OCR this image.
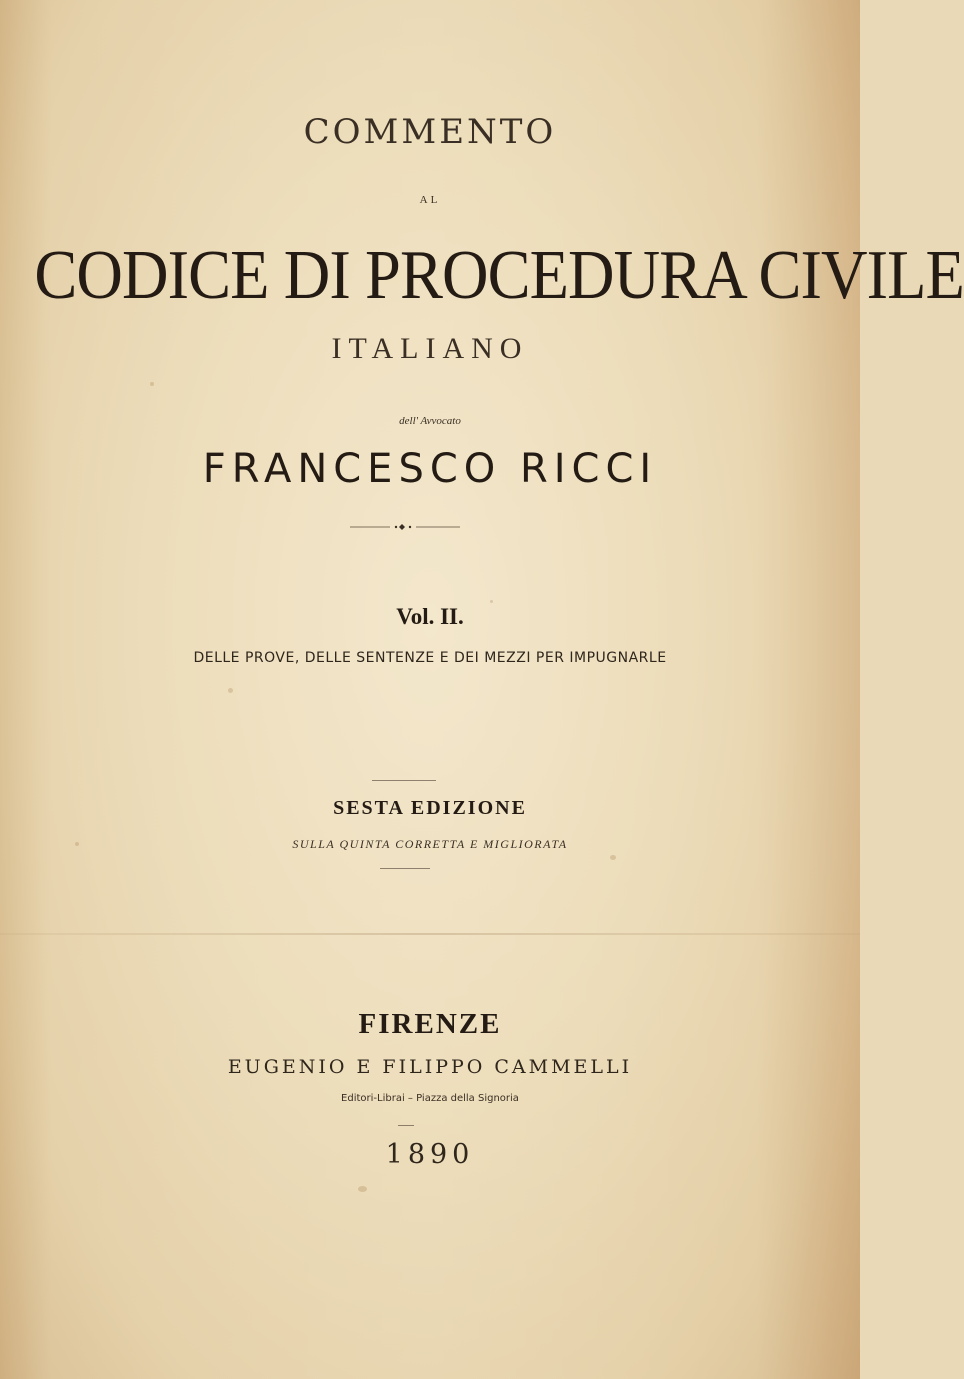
COMMENTO
AL
CODICE DI PROCEDURA CIVILE
ITALIANO
dell' Avvocato
FRANCESCO RICCI
Vol. II.
DELLE PROVE, DELLE SENTENZE E DEI MEZZI PER IMPUGNARLE
SESTA EDIZIONE
SULLA QUINTA CORRETTA E MIGLIORATA
FIRENZE
EUGENIO E FILIPPO CAMMELLI
Editori-Librai – Piazza della Signoria
1890
